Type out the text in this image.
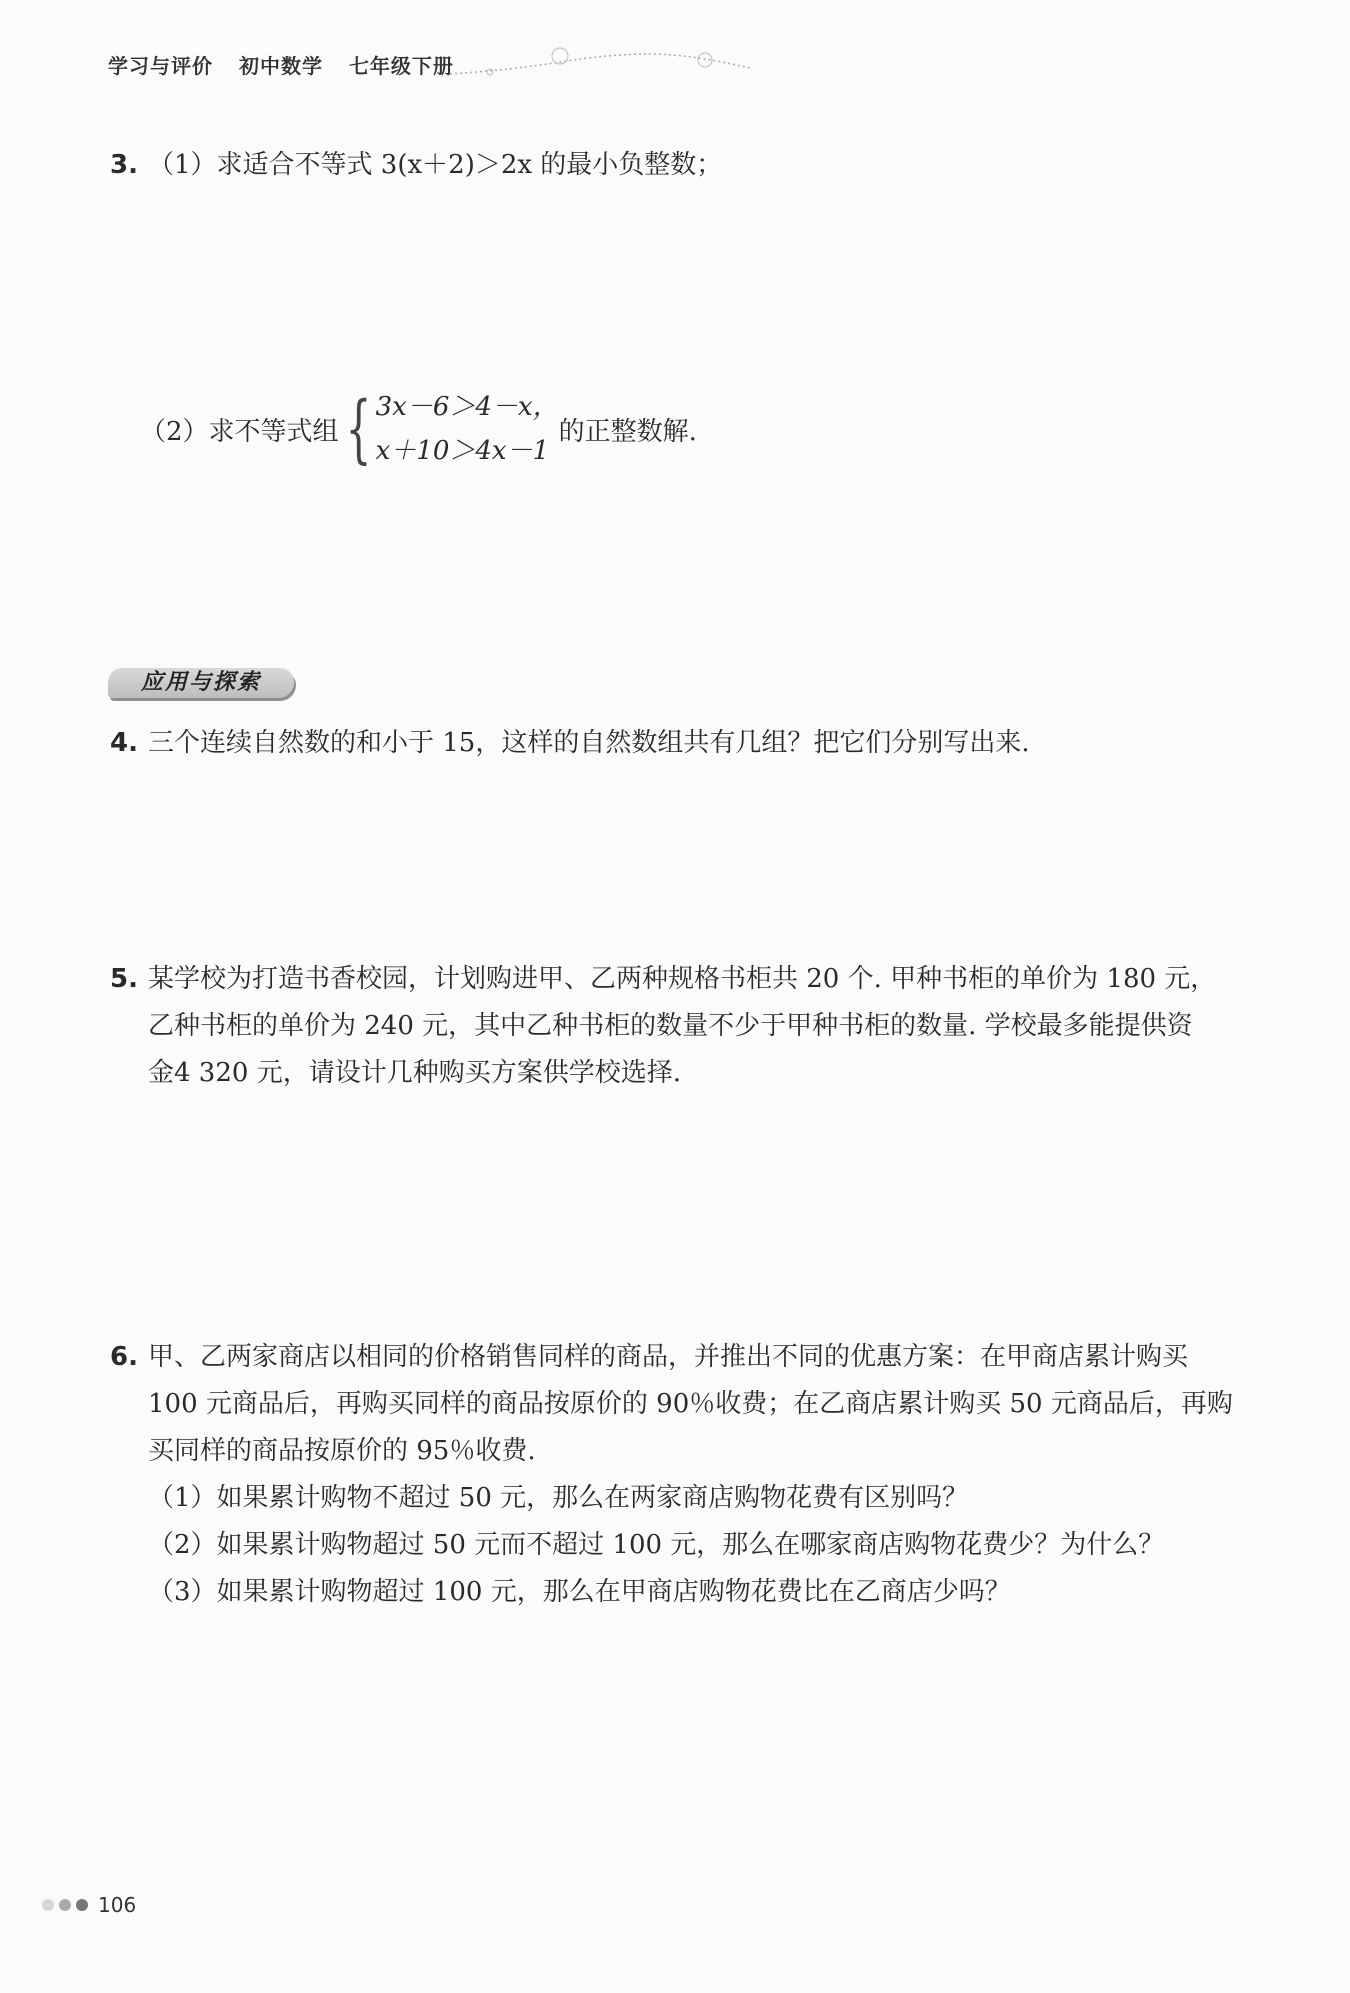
学习与评价 初中数学 七年级下册
3. （1）求适合不等式 3(x＋2)＞2x 的最小负整数；
（2）求不等式组 { 3x－6＞4－x，
x＋10＞4x－1
的正整数解.
应用与探索
4. 三个连续自然数的和小于 15，这样的自然数组共有几组？把它们分别写出来.
5. 某学校为打造书香校园，计划购进甲、乙两种规格书柜共 20 个. 甲种书柜的单价为 180 元，
乙种书柜的单价为 240 元，其中乙种书柜的数量不少于甲种书柜的数量. 学校最多能提供资
金4 320 元，请设计几种购买方案供学校选择.
6. 甲、乙两家商店以相同的价格销售同样的商品，并推出不同的优惠方案：在甲商店累计购买
100 元商品后，再购买同样的商品按原价的 90％收费；在乙商店累计购买 50 元商品后，再购
买同样的商品按原价的 95％收费.
（1）如果累计购物不超过 50 元，那么在两家商店购物花费有区别吗？
（2）如果累计购物超过 50 元而不超过 100 元，那么在哪家商店购物花费少？为什么？
（3）如果累计购物超过 100 元，那么在甲商店购物花费比在乙商店少吗？
106
